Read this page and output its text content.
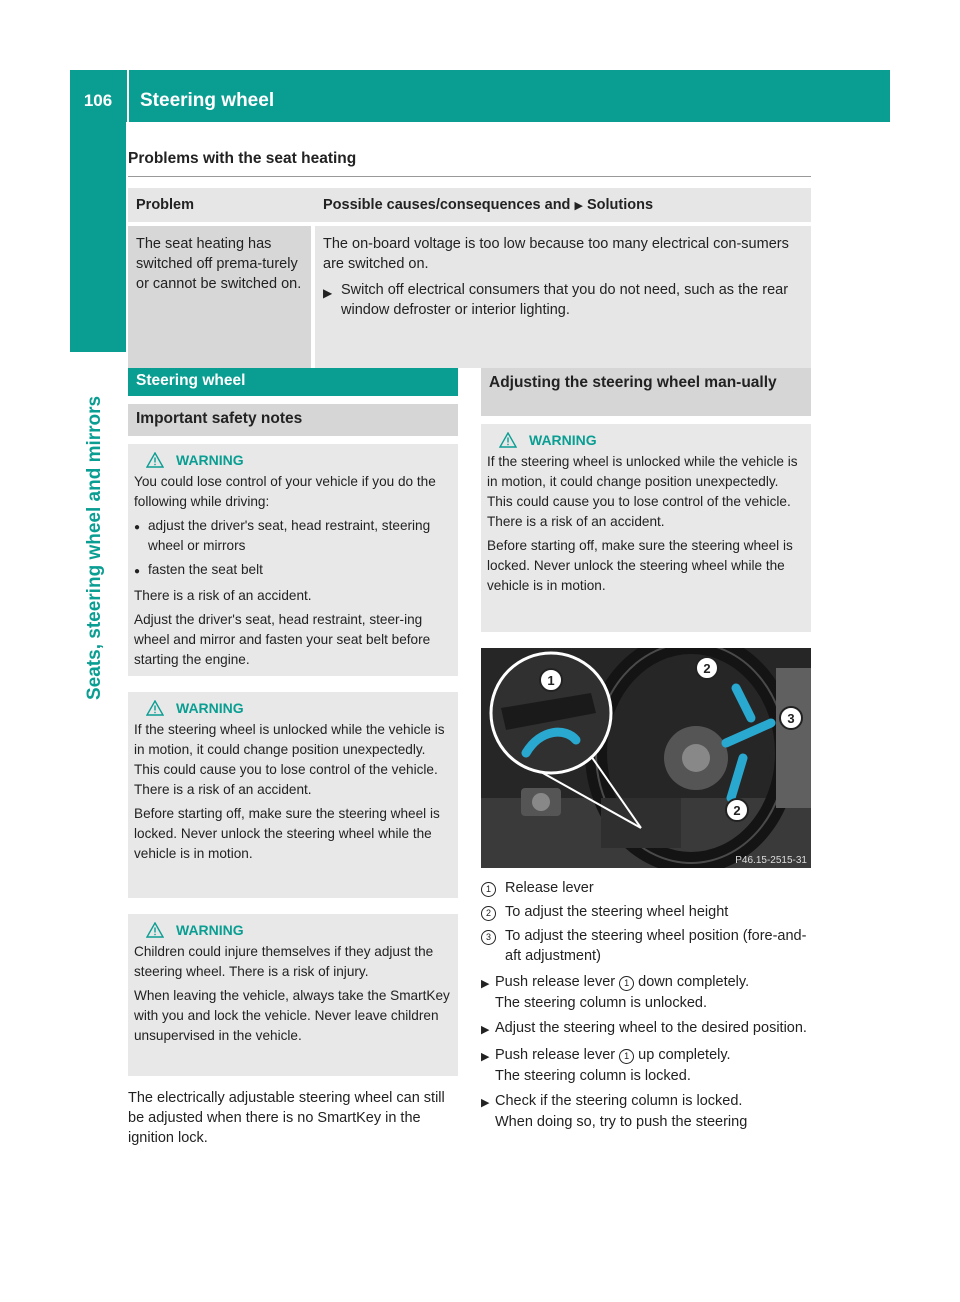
106	Steering wheel
Seats, steering wheel and mirrors
Problems with the seat heating
Problem	Possible causes/consequences and ▶ Solutions
The seat heating has switched off prema-turely or cannot be switched on.

The on-board voltage is too low because too many electrical con-sumers are switched on.

▶ Switch off electrical consumers that you do not need, such as the rear window defroster or interior lighting.
Steering wheel
Important safety notes
WARNING

You could lose control of your vehicle if you do the following while driving:

● adjust the driver's seat, head restraint, steering wheel or mirrors
● fasten the seat belt

There is a risk of an accident.

Adjust the driver's seat, head restraint, steer-ing wheel and mirror and fasten your seat belt before starting the engine.

WARNING

If the steering wheel is unlocked while the vehicle is in motion, it could change position unexpectedly. This could cause you to lose control of the vehicle. There is a risk of an accident.

Before starting off, make sure the steering wheel is locked. Never unlock the steering wheel while the vehicle is in motion.

WARNING

Children could injure themselves if they adjust the steering wheel. There is a risk of injury.

When leaving the vehicle, always take the SmartKey with you and lock the vehicle. Never leave children unsupervised in the vehicle.

The electrically adjustable steering wheel can still be adjusted when there is no SmartKey in the ignition lock.
Adjusting the steering wheel man-ually
WARNING

If the steering wheel is unlocked while the vehicle is in motion, it could change position unexpectedly. This could cause you to lose control of the vehicle. There is a risk of an accident.

Before starting off, make sure the steering wheel is locked. Never unlock the steering wheel while the vehicle is in motion.

1
2
3
2
P46.15-2515-31
1 Release lever
2 To adjust the steering wheel height
3 To adjust the steering wheel position (fore-and-aft adjustment)
▶ Push release lever 1 down completely.
The steering column is unlocked.
▶ Adjust the steering wheel to the desired position.
▶ Push release lever 1 up completely.
The steering column is locked.
▶ Check if the steering column is locked.
When doing so, try to push the steering
